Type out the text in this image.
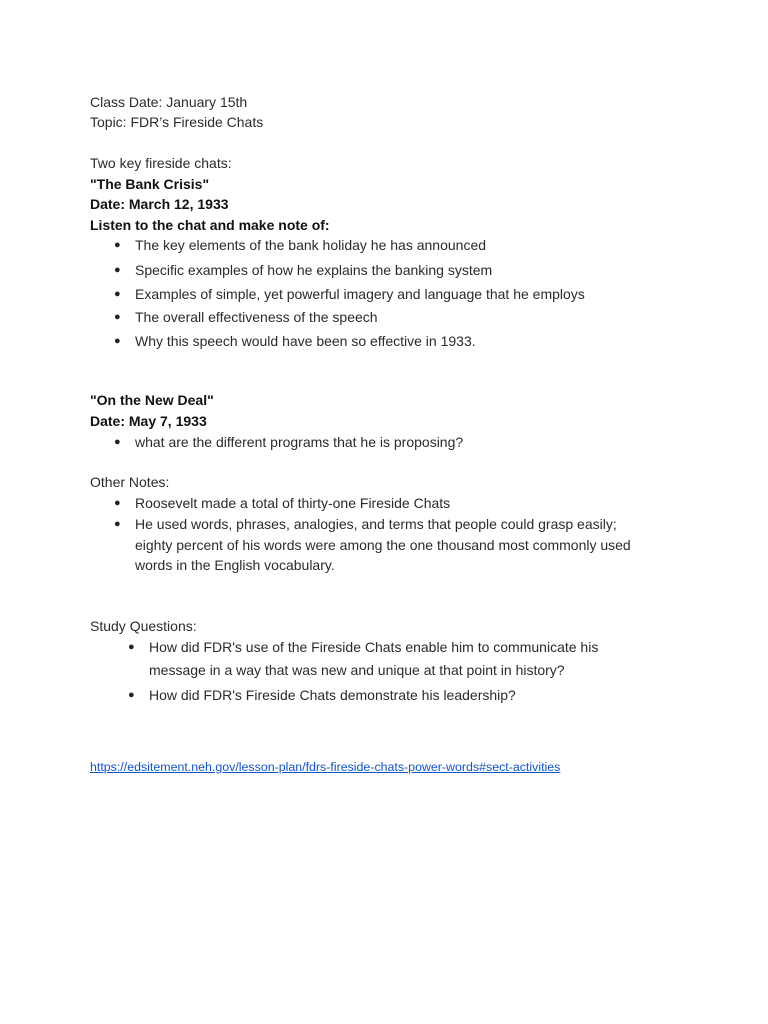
Class Date: January 15th
Topic: FDR’s Fireside Chats
Two key fireside chats:
"The Bank Crisis"
Date: March 12, 1933
Listen to the chat and make note of:
● The key elements of the bank holiday he has announced
● Specific examples of how he explains the banking system
● Examples of simple, yet powerful imagery and language that he employs
● The overall effectiveness of the speech
● Why this speech would have been so effective in 1933.
"On the New Deal"
Date: May 7, 1933
● what are the different programs that he is proposing?
Other Notes:
● Roosevelt made a total of thirty-one Fireside Chats
● He used words, phrases, analogies, and terms that people could grasp easily;
eighty percent of his words were among the one thousand most commonly used
words in the English vocabulary.
Study Questions:
● How did FDR's use of the Fireside Chats enable him to communicate his
message in a way that was new and unique at that point in history?
● How did FDR's Fireside Chats demonstrate his leadership?
https://edsitement.neh.gov/lesson-plan/fdrs-fireside-chats-power-words#sect-activities
